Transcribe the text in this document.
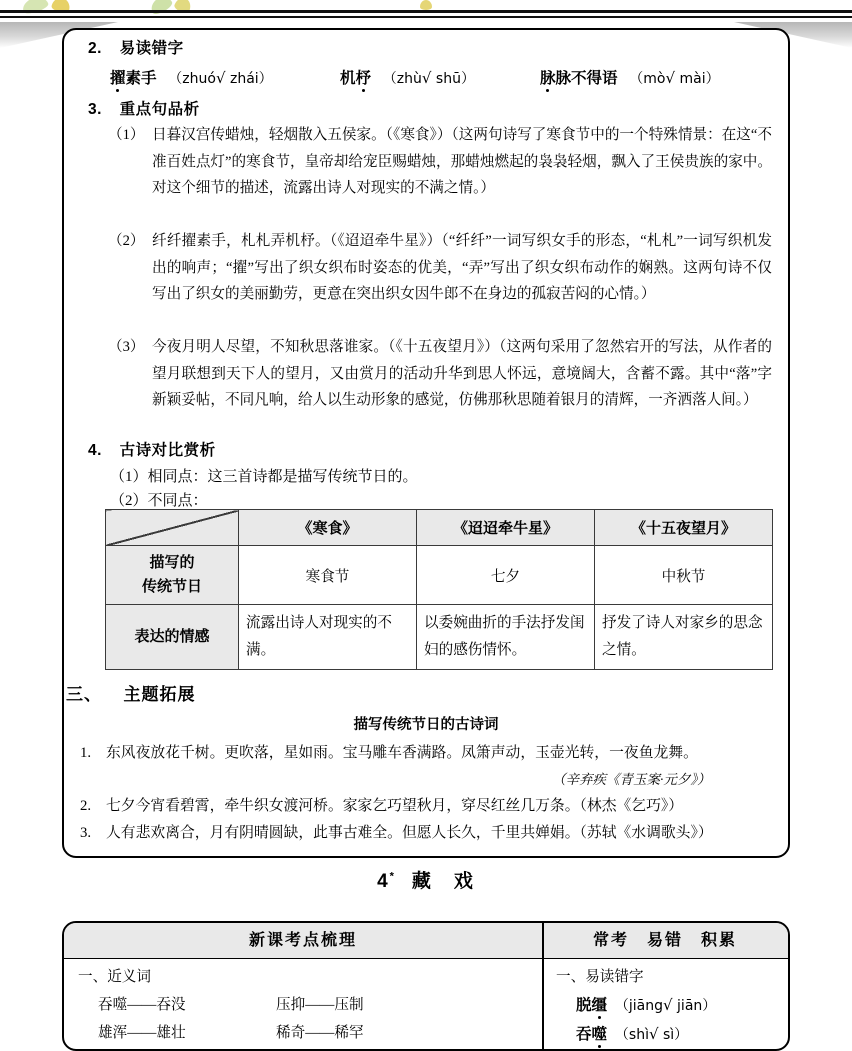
2. 易读错字
擢素手 （zhuó√ zhái）	机杼 （zhù√ shū）	脉脉不得语 （mò√ mài）
3. 重点句品析
（1） 日暮汉宫传蜡烛，轻烟散入五侯家。（《寒食》）（这两句诗写了寒食节中的一个特殊情景：在这“不准百姓点灯”的寒食节，皇帝却给宠臣赐蜡烛，那蜡烛燃起的袅袅轻烟，飘入了王侯贵族的家中。对这个细节的描述，流露出诗人对现实的不满之情。）
（2） 纤纤擢素手，札札弄机杼。（《迢迢牵牛星》）（“纤纤”一词写织女手的形态，“札札”一词写织机发出的响声；“擢”写出了织女织布时姿态的优美，“弄”写出了织女织布动作的娴熟。这两句诗不仅写出了织女的美丽勤劳，更意在突出织女因牛郎不在身边的孤寂苦闷的心情。）
（3） 今夜月明人尽望，不知秋思落谁家。（《十五夜望月》）（这两句采用了忽然宕开的写法，从作者的望月联想到天下人的望月，又由赏月的活动升华到思人怀远，意境阔大，含蓄不露。其中“落”字新颖妥帖，不同凡响，给人以生动形象的感觉，仿佛那秋思随着银月的清辉，一齐洒落人间。）
4. 古诗对比赏析
（1）相同点：这三首诗都是描写传统节日的。
（2）不同点：
	《寒食》	《迢迢牵牛星》	《十五夜望月》

描写的
传统节日	寒食节	七夕	中秋节
表达的情感	流露出诗人对现实的不满。	以委婉曲折的手法抒发闺妇的感伤情怀。	抒发了诗人对家乡的思念之情。
三、 主题拓展
描写传统节日的古诗词
1. 东风夜放花千树。更吹落，星如雨。宝马雕车香满路。凤箫声动，玉壶光转，一夜鱼龙舞。
（辛弃疾《青玉案·元夕》）
2. 七夕今宵看碧霄，牵牛织女渡河桥。家家乞巧望秋月，穿尽红丝几万条。（林杰《乞巧》）
3. 人有悲欢离合，月有阴晴圆缺，此事古难全。但愿人长久，千里共婵娟。（苏轼《水调歌头》）
4* 藏　戏
新课考点梳理	常考　易错　积累
一、近义词
吞噬——吞没	压抑——压制
雄浑——雄壮	稀奇——稀罕
一、易读错字
脱缰 （jiāng√ jiān）
吞噬 （shì√ sì）
